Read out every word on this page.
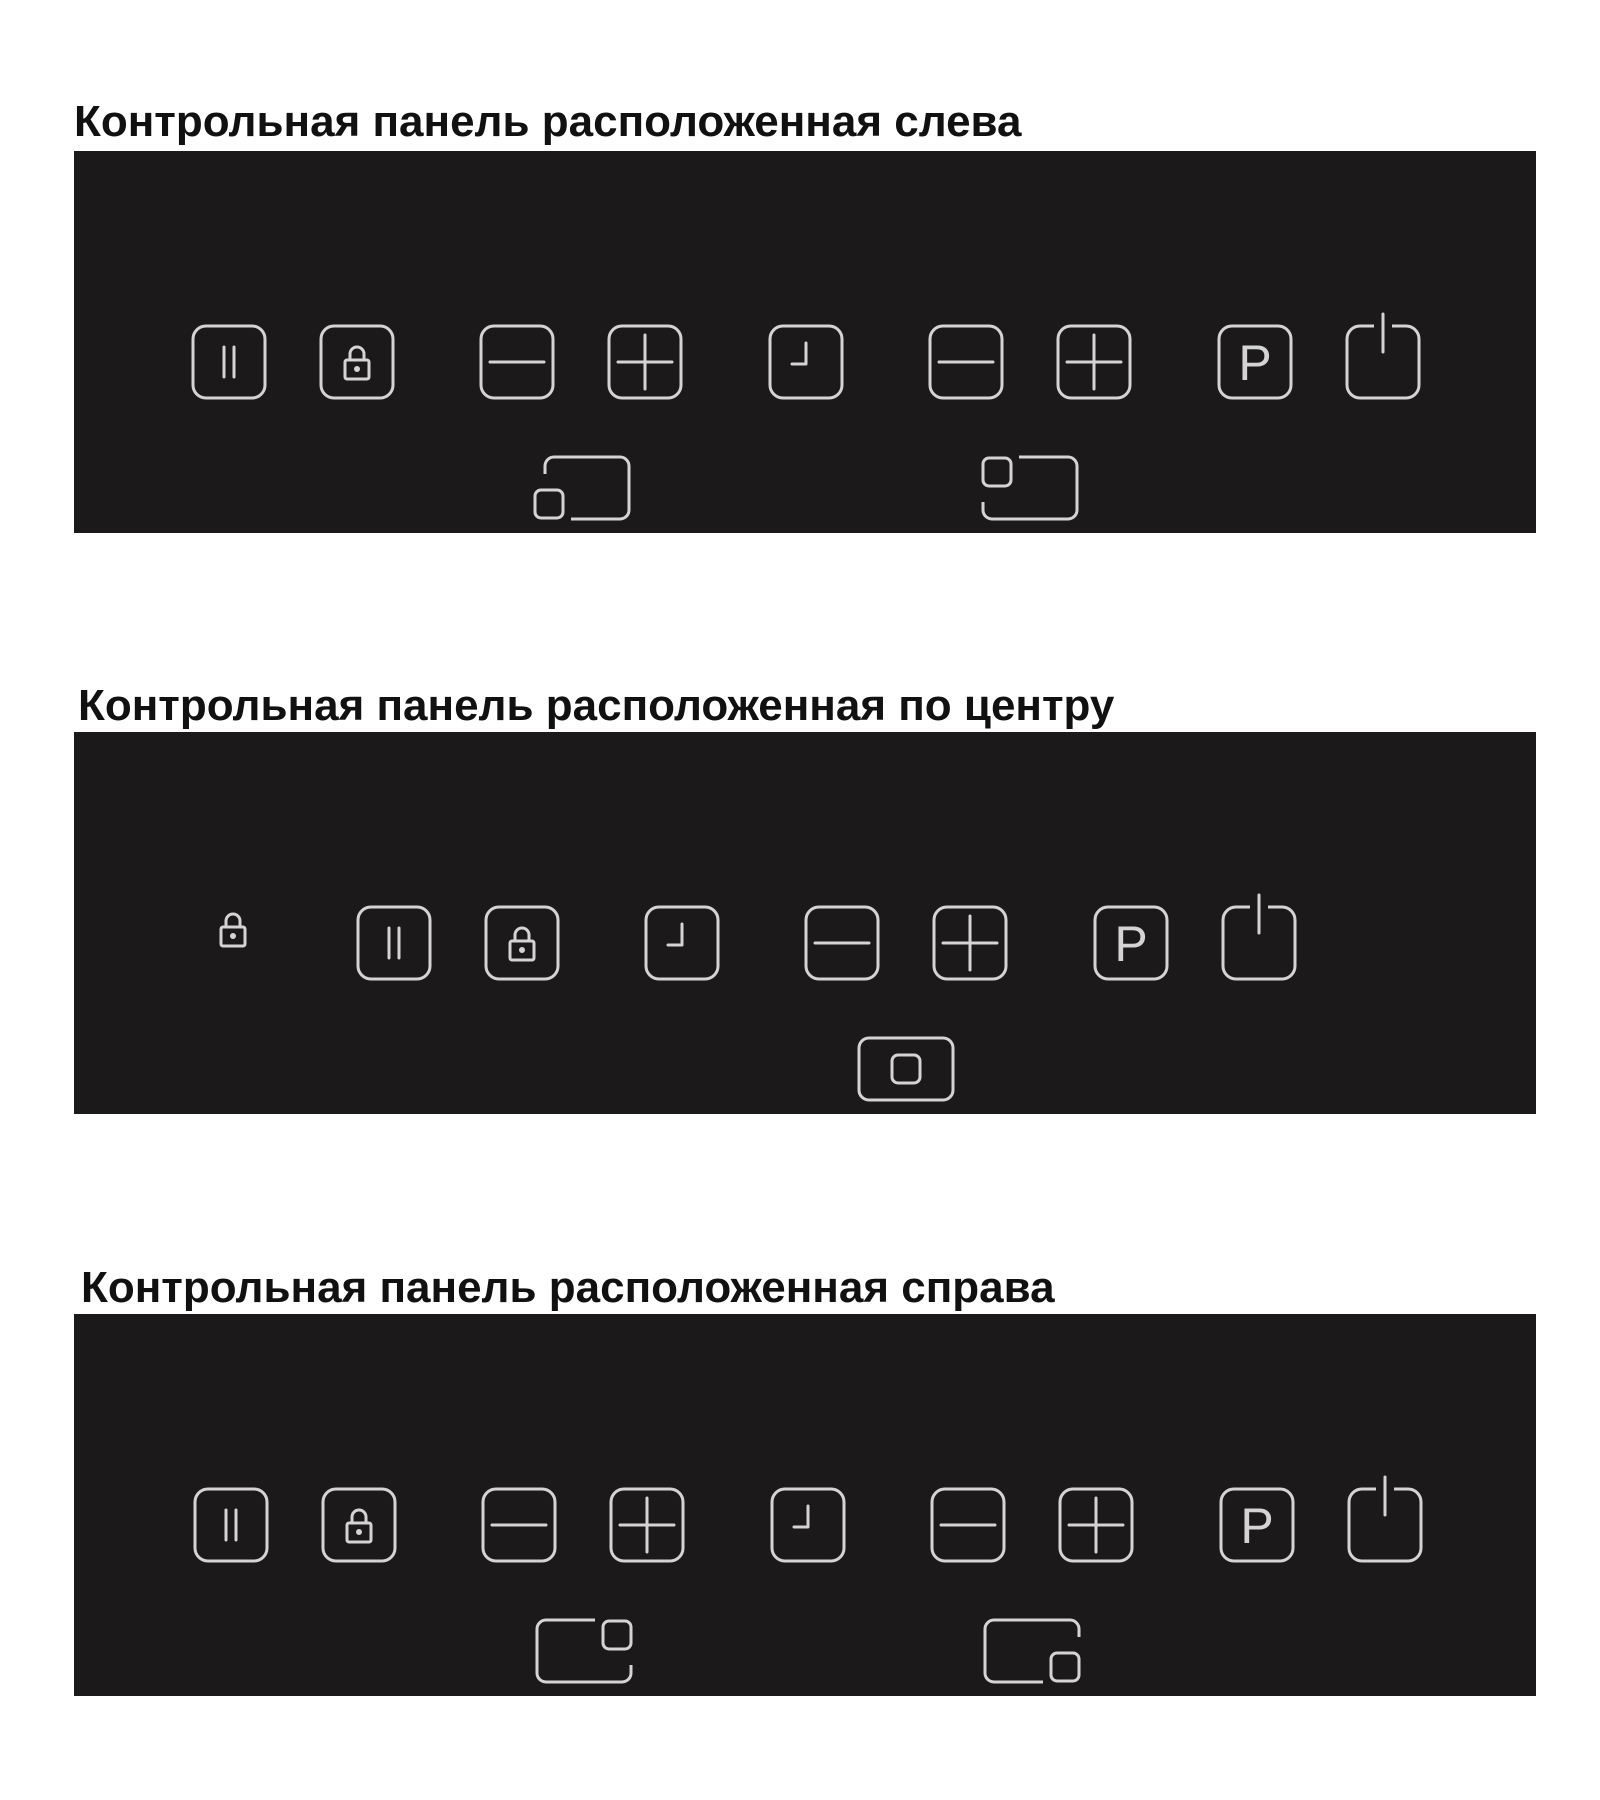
Контрольная панель расположенная слева
P
Контрольная панель расположенная по центру
P
Контрольная панель расположенная справа
P
